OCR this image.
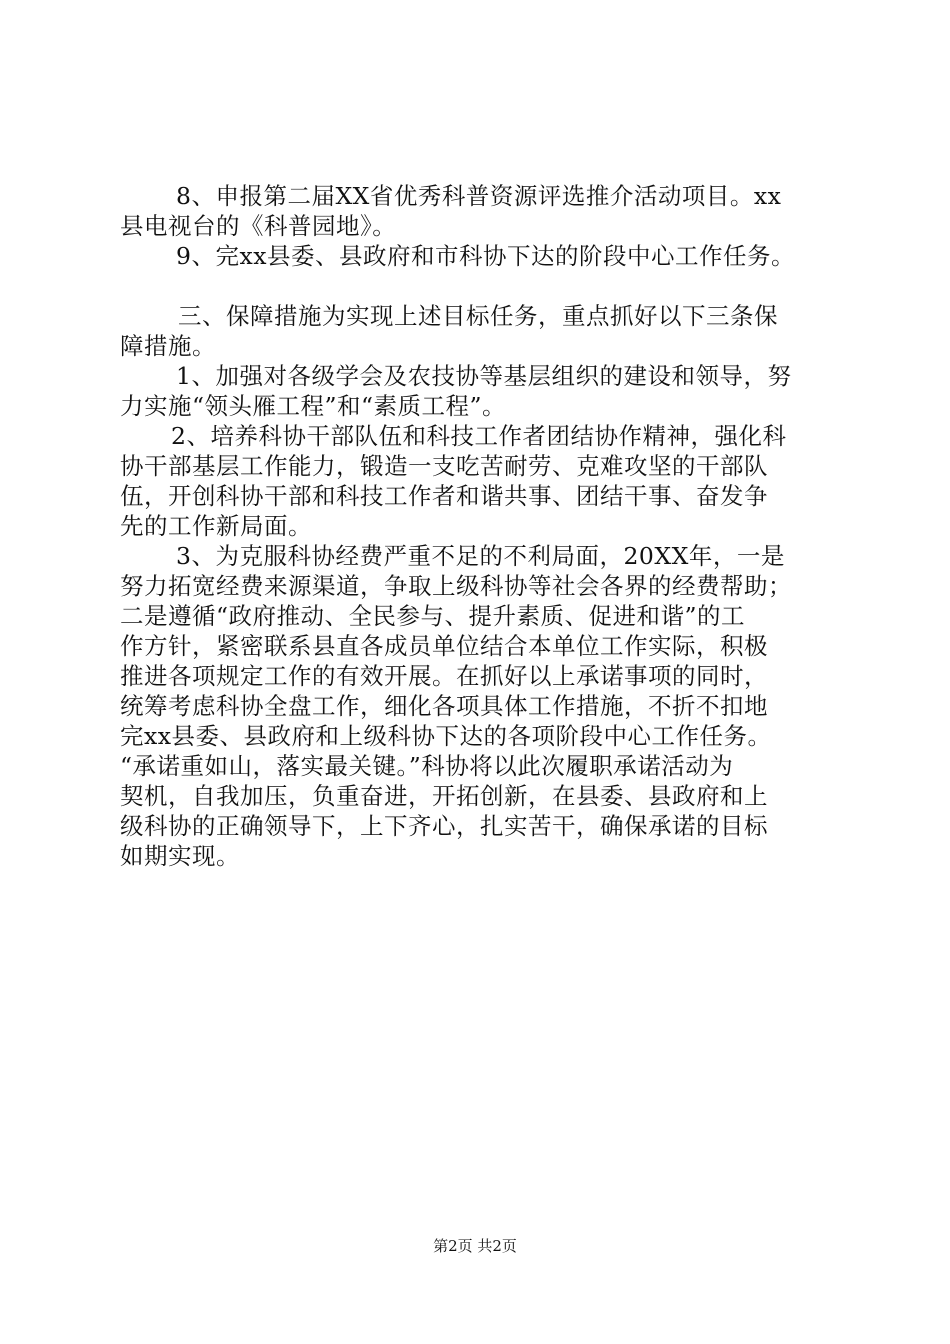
8、申报第二届XX省优秀科普资源评选推介活动项目。xx
县电视台的《科普园地》。
9、完xx县委、县政府和市科协下达的阶段中心工作任务。
三、保障措施为实现上述目标任务，重点抓好以下三条保
障措施。
1、加强对各级学会及农技协等基层组织的建设和领导，努
力实施“领头雁工程”和“素质工程”。
2、培养科协干部队伍和科技工作者团结协作精神，强化科
协干部基层工作能力，锻造一支吃苦耐劳、克难攻坚的干部队
伍，开创科协干部和科技工作者和谐共事、团结干事、奋发争
先的工作新局面。
3、为克服科协经费严重不足的不利局面，20XX年，一是
努力拓宽经费来源渠道，争取上级科协等社会各界的经费帮助；
二是遵循“政府推动、全民参与、提升素质、促进和谐”的工
作方针，紧密联系县直各成员单位结合本单位工作实际，积极
推进各项规定工作的有效开展。在抓好以上承诺事项的同时，
统筹考虑科协全盘工作，细化各项具体工作措施，不折不扣地
完xx县委、县政府和上级科协下达的各项阶段中心工作任务。
“承诺重如山，落实最关键。”科协将以此次履职承诺活动为
契机，自我加压，负重奋进，开拓创新，在县委、县政府和上
级科协的正确领导下，上下齐心，扎实苦干，确保承诺的目标
如期实现。
第2页 共2页
